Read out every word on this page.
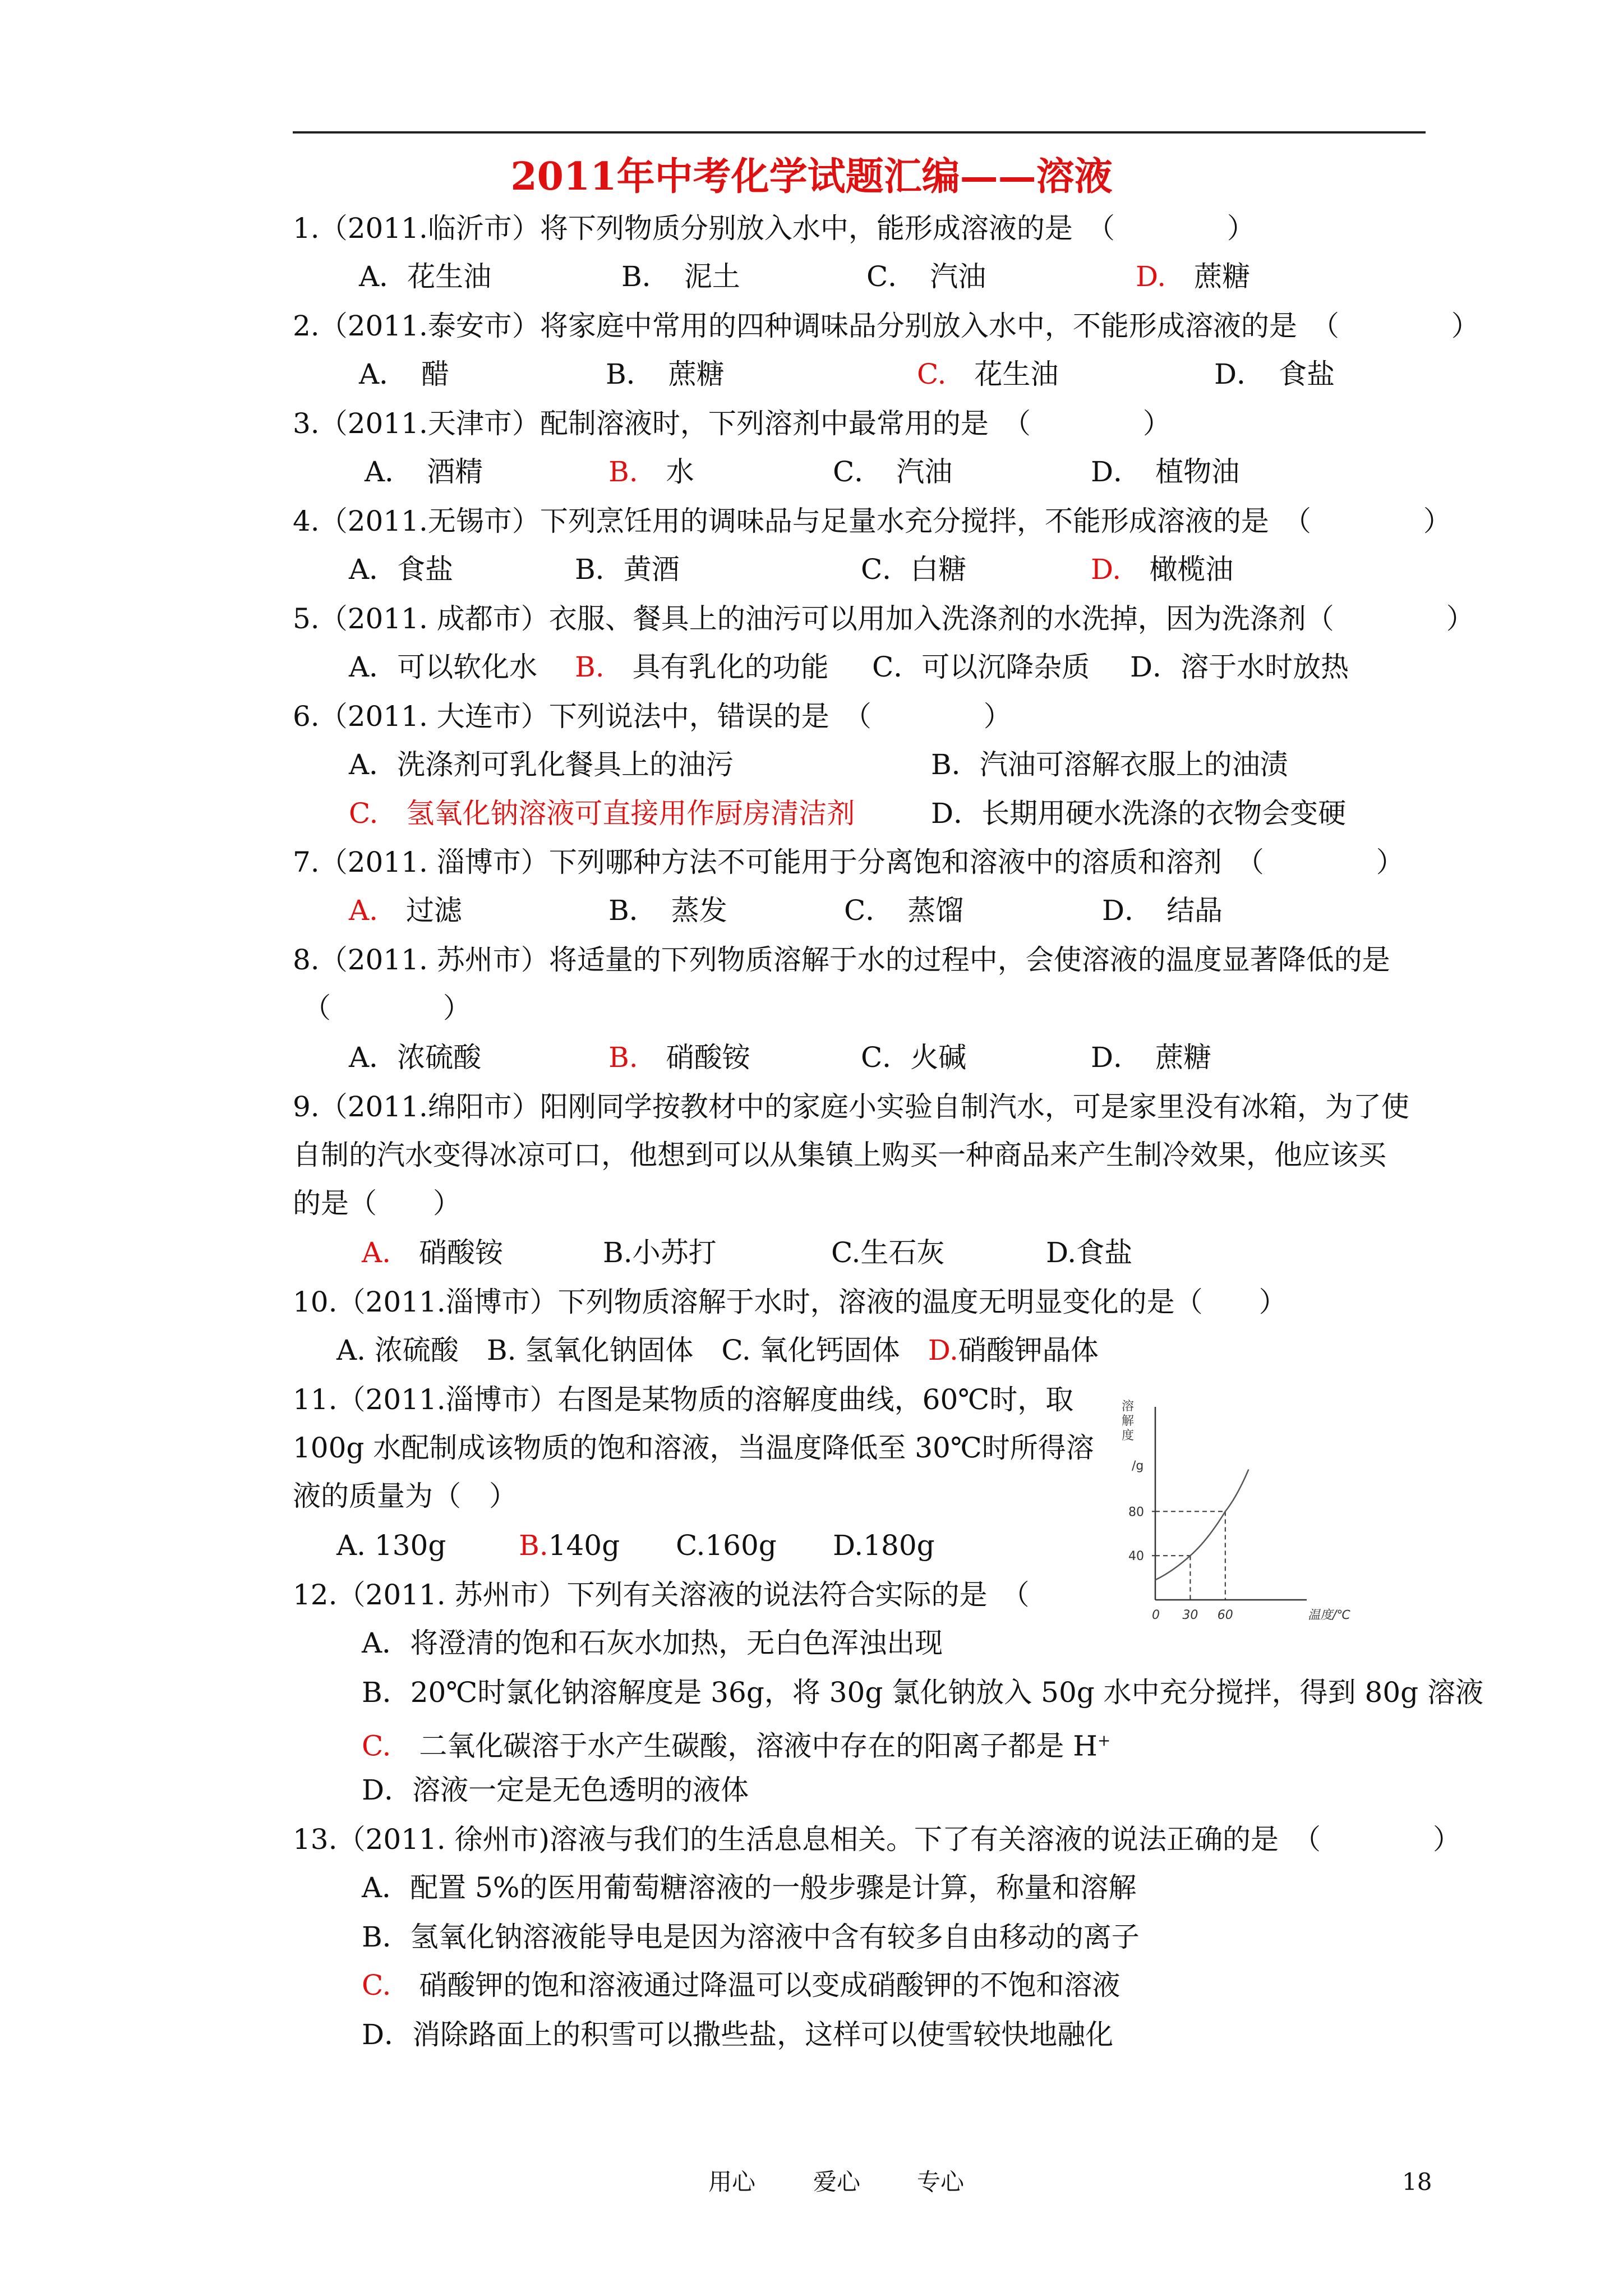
2011年中考化学试题汇编——溶液
1.（2011.临沂市）将下列物质分别放入水中，能形成溶液的是　（　　　　）
A．花生油	B．　泥土	C．　汽油	D.　蔗糖
2.（2011.泰安市）将家庭中常用的四种调味品分别放入水中，不能形成溶液的是　（　　　　）
A．　醋	B．　蔗糖	C.　花生油	D．　食盐
3.（2011.天津市）配制溶液时，下列溶剂中最常用的是　（　　　　）
A．　酒精	B.　水	C．　汽油	D．　植物油
4.（2011.无锡市）下列烹饪用的调味品与足量水充分搅拌，不能形成溶液的是　（　　　　）
A．食盐	B．黄酒	C．白糖	D.　橄榄油
5.（2011. 成都市）衣服、餐具上的油污可以用加入洗涤剂的水洗掉，因为洗涤剂（　　　　）
A．可以软化水 B.　具有乳化的功能 C．可以沉降杂质 D．溶于水时放热
6.（2011. 大连市）下列说法中，错误的是　（　　　　）
A．洗涤剂可乳化餐具上的油污	B．汽油可溶解衣服上的油渍
C.　氢氧化钠溶液可直接用作厨房清洁剂	D．长期用硬水洗涤的衣物会变硬
7.（2011. 淄博市）下列哪种方法不可能用于分离饱和溶液中的溶质和溶剂　（　　　　）
A.　过滤	B．　蒸发	C．　蒸馏	D．　结晶
8.（2011. 苏州市）将适量的下列物质溶解于水的过程中，会使溶液的温度显著降低的是
（　　　　）
A．浓硫酸	B.　硝酸铵	C．火碱	D．　蔗糖
9.（2011.绵阳市）阳刚同学按教材中的家庭小实验自制汽水，可是家里没有冰箱，为了使
自制的汽水变得冰凉可口，他想到可以从集镇上购买一种商品来产生制冷效果，他应该买
的是（　　）
A.　硝酸铵	B.小苏打	C.生石灰	D.食盐
10.（2011.淄博市）下列物质溶解于水时，溶液的温度无明显变化的是（　　）
A. 浓硫酸　B. 氢氧化钠固体　C. 氧化钙固体　D.硝酸钾晶体
11.（2011.淄博市）右图是某物质的溶解度曲线，60℃时，取
100g 水配制成该物质的饱和溶液，当温度降低至 30℃时所得溶
液的质量为（　）
A. 130g	B.140g C.160g D.180g
溶
解
度
/g
80
40
0 30 60	温度/℃
12.（2011. 苏州市）下列有关溶液的说法符合实际的是　（
A．将澄清的饱和石灰水加热，无白色浑浊出现
B．20℃时氯化钠溶解度是 36g，将 30g 氯化钠放入 50g 水中充分搅拌，得到 80g 溶液
C.　二氧化碳溶于水产生碳酸，溶液中存在的阳离子都是 H+
D．溶液一定是无色透明的液体
13.（2011. 徐州市)溶液与我们的生活息息相关。下了有关溶液的说法正确的是　（　　　　）
A．配置 5%的医用葡萄糖溶液的一般步骤是计算，称量和溶解
B．氢氧化钠溶液能导电是因为溶液中含有较多自由移动的离子
C.　硝酸钾的饱和溶液通过降温可以变成硝酸钾的不饱和溶液
D．消除路面上的积雪可以撒些盐，这样可以使雪较快地融化
用心 爱心 专心	18
